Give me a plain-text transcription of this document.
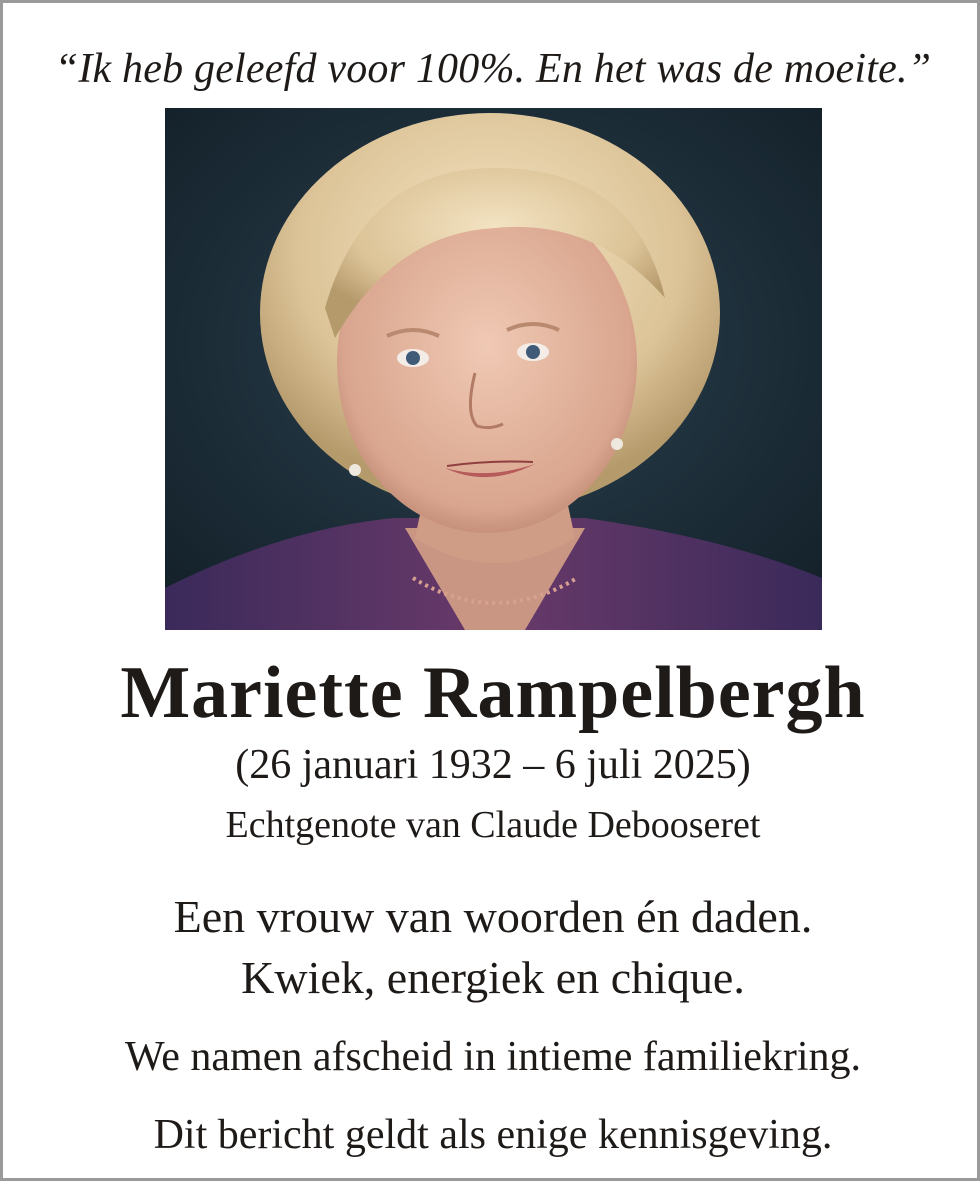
“Ik heb geleefd voor 100%. En het was de moeite.”
Mariette Rampelbergh
(26 januari 1932 – 6 juli 2025)
Echtgenote van Claude Debooseret
Een vrouw van woorden én daden.
Kwiek, energiek en chique.
We namen afscheid in intieme familiekring.
Dit bericht geldt als enige kennisgeving.
